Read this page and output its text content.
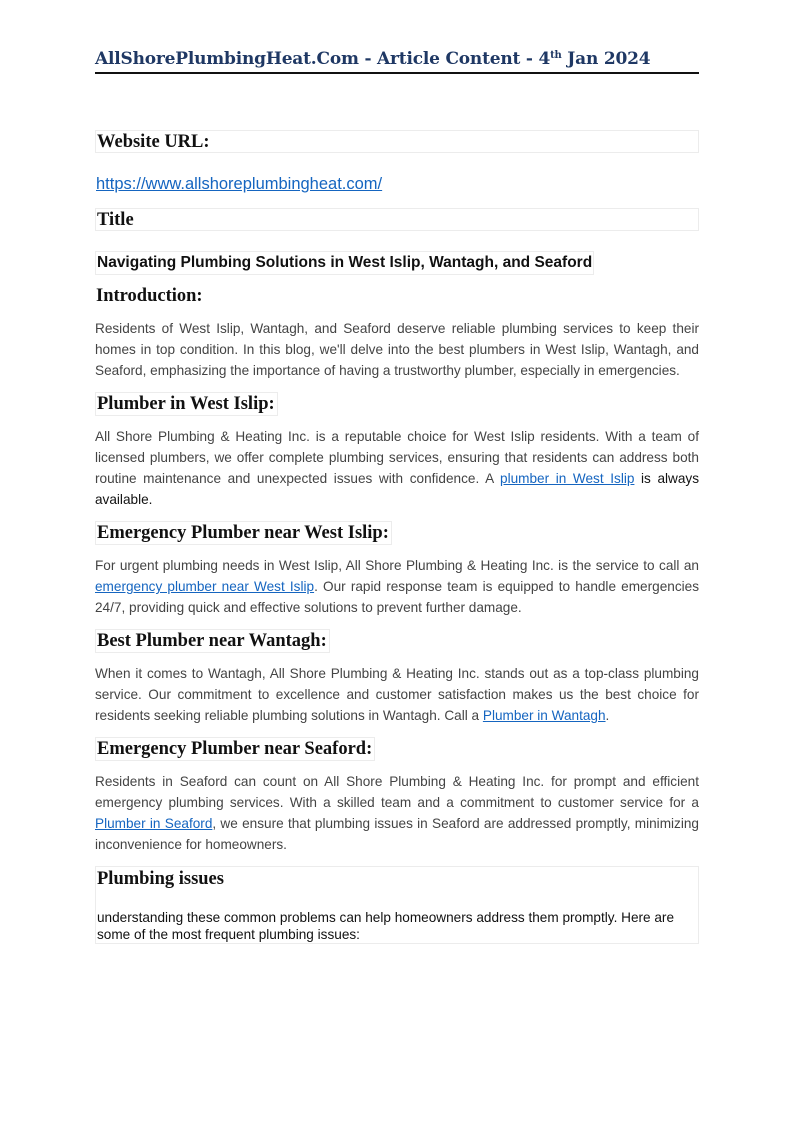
AllShorePlumbingHeat.Com - Article Content - 4th Jan 2024
Website URL:
https://www.allshoreplumbingheat.com/
Title
Navigating Plumbing Solutions in West Islip, Wantagh, and Seaford
Introduction:

Residents of West Islip, Wantagh, and Seaford deserve reliable plumbing services to keep their homes in top condition. In this blog, we'll delve into the best plumbers in West Islip, Wantagh, and Seaford, emphasizing the importance of having a trustworthy plumber, especially in emergencies.

Plumber in West Islip:

All Shore Plumbing & Heating Inc. is a reputable choice for West Islip residents. With a team of licensed plumbers, we offer complete plumbing services, ensuring that residents can address both routine maintenance and unexpected issues with confidence. A plumber in West Islip is always available.

Emergency Plumber near West Islip:

For urgent plumbing needs in West Islip, All Shore Plumbing & Heating Inc. is the service to call an emergency plumber near West Islip. Our rapid response team is equipped to handle emergencies 24/7, providing quick and effective solutions to prevent further damage.

Best Plumber near Wantagh:

When it comes to Wantagh, All Shore Plumbing & Heating Inc. stands out as a top-class plumbing service. Our commitment to excellence and customer satisfaction makes us the best choice for residents seeking reliable plumbing solutions in Wantagh. Call a Plumber in Wantagh.

Emergency Plumber near Seaford:

Residents in Seaford can count on All Shore Plumbing & Heating Inc. for prompt and efficient emergency plumbing services. With a skilled team and a commitment to customer service for a Plumber in Seaford, we ensure that plumbing issues in Seaford are addressed promptly, minimizing inconvenience for homeowners.

Plumbing issues

understanding these common problems can help homeowners address them promptly. Here are some of the most frequent plumbing issues:
